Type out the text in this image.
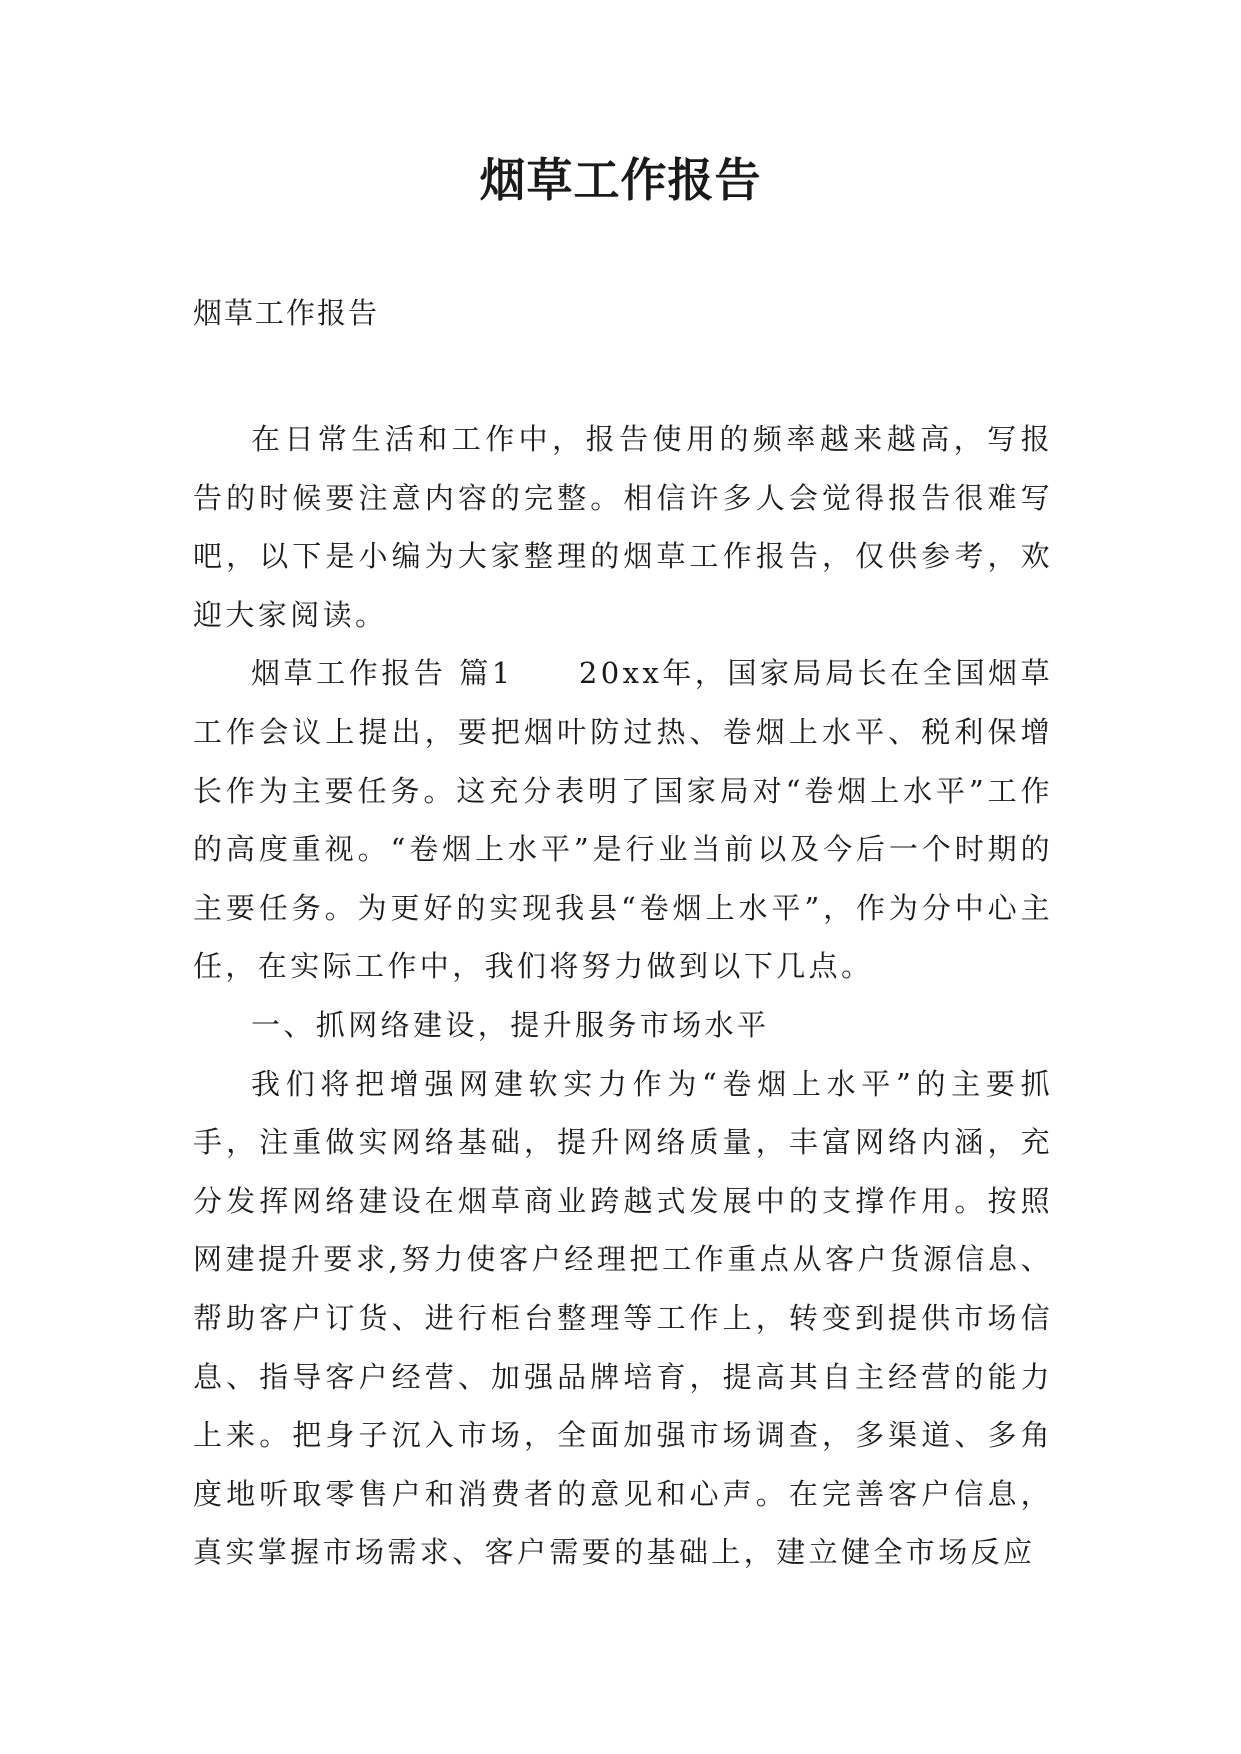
烟草工作报告
烟草工作报告

在日常生活和工作中，报告使用的频率越来越高，写报告的时候要注意内容的完整。相信许多人会觉得报告很难写吧，以下是小编为大家整理的烟草工作报告，仅供参考，欢迎大家阅读。

烟草工作报告 篇1　　20xx年，国家局局长在全国烟草工作会议上提出，要把烟叶防过热、卷烟上水平、税利保增长作为主要任务。这充分表明了国家局对“卷烟上水平”工作的高度重视。“卷烟上水平”是行业当前以及今后一个时期的主要任务。为更好的实现我县“卷烟上水平”，作为分中心主任，在实际工作中，我们将努力做到以下几点。

一、抓网络建设，提升服务市场水平

我们将把增强网建软实力作为“卷烟上水平”的主要抓手，注重做实网络基础，提升网络质量，丰富网络内涵，充分发挥网络建设在烟草商业跨越式发展中的支撑作用。按照网建提升要求,努力使客户经理把工作重点从客户货源信息、帮助客户订货、进行柜台整理等工作上，转变到提供市场信息、指导客户经营、加强品牌培育，提高其自主经营的能力上来。把身子沉入市场，全面加强市场调查，多渠道、多角度地听取零售户和消费者的意见和心声。在完善客户信息，真实掌握市场需求、客户需要的基础上，建立健全市场反应
